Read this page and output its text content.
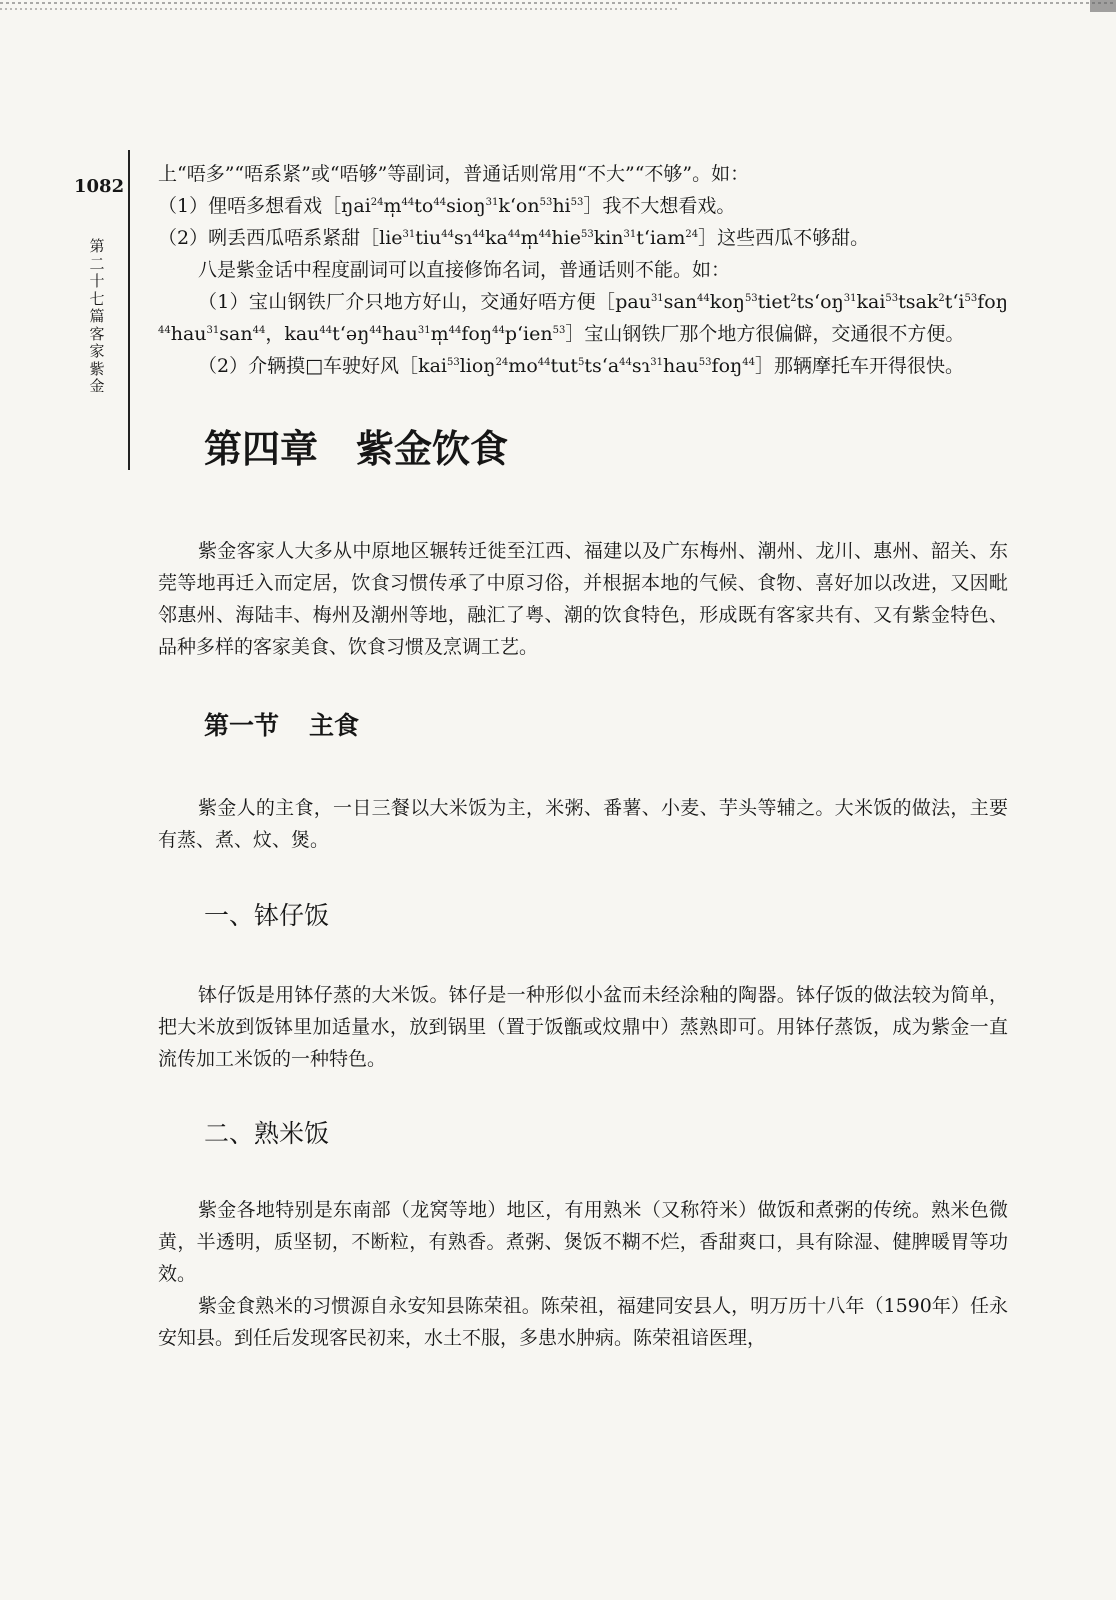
1082
第二十七篇　客家紫金

上“唔多”“唔系紧”或“唔够”等副词，普通话则常用“不大”“不够”。如：

（1）俚唔多想看戏$[ŋai^{24}m̩^{44}to^{44}sioŋ^{31}k‘on^{53}hi^{53}]$我不大想看戏。

（2）咧丢西瓜唔系紧甜$[lie^{31}tiu^{44}sɿ^{44}ka^{44}m̩^{44}hie^{53}kin^{31}t‘iam^{24}]$这些西瓜不够甜。

八是紫金话中程度副词可以直接修饰名词，普通话则不能。如：

（1）宝山钢铁厂介只地方好山，交通好唔方便$[pau^{31}san^{44}koŋ^{53}tiet^2ts‘oŋ^{31}kai^{53}tsak^2t‘i^{53}foŋ^{44}hau^{31}san^{44}$，kau$^{44}$t‘əŋ$^{44}$hau$^{31}$m̩$^{44}$foŋ$^{44}$p‘ien$^{53}$］宝山钢铁厂那个地方很偏僻，交通很不方便。

（2）介辆摸□车驶好风$[kai^{53}lioŋ^{24}mo^{44}tut^5ts‘a^{44}sɿ^{31}hau^{53}foŋ^{44}]$那辆摩托车开得很快。

第四章 紫金饮食

紫金客家人大多从中原地区辗转迁徙至江西、福建以及广东梅州、潮州、龙川、惠州、韶关、东莞等地再迁入而定居，饮食习惯传承了中原习俗，并根据本地的气候、食物、喜好加以改进，又因毗邻惠州、海陆丰、梅州及潮州等地，融汇了粤、潮的饮食特色，形成既有客家共有、又有紫金特色、品种多样的客家美食、饮食习惯及烹调工艺。

第一节 主食

紫金人的主食，一日三餐以大米饭为主，米粥、番薯、小麦、芋头等辅之。大米饭的做法，主要有蒸、煮、炆、煲。

一、钵仔饭

钵仔饭是用钵仔蒸的大米饭。钵仔是一种形似小盆而未经涂釉的陶器。钵仔饭的做法较为简单，把大米放到饭钵里加适量水，放到锅里（置于饭甑或炆鼎中）蒸熟即可。用钵仔蒸饭，成为紫金一直流传加工米饭的一种特色。

二、熟米饭

紫金各地特别是东南部（龙窝等地）地区，有用熟米（又称符米）做饭和煮粥的传统。熟米色微黄，半透明，质坚韧，不断粒，有熟香。煮粥、煲饭不糊不烂，香甜爽口，具有除湿、健脾暖胃等功效。

紫金食熟米的习惯源自永安知县陈荣祖。陈荣祖，福建同安县人，明万历十八年（1590年）任永安知县。到任后发现客民初来，水土不服，多患水肿病。陈荣祖谙医理，
